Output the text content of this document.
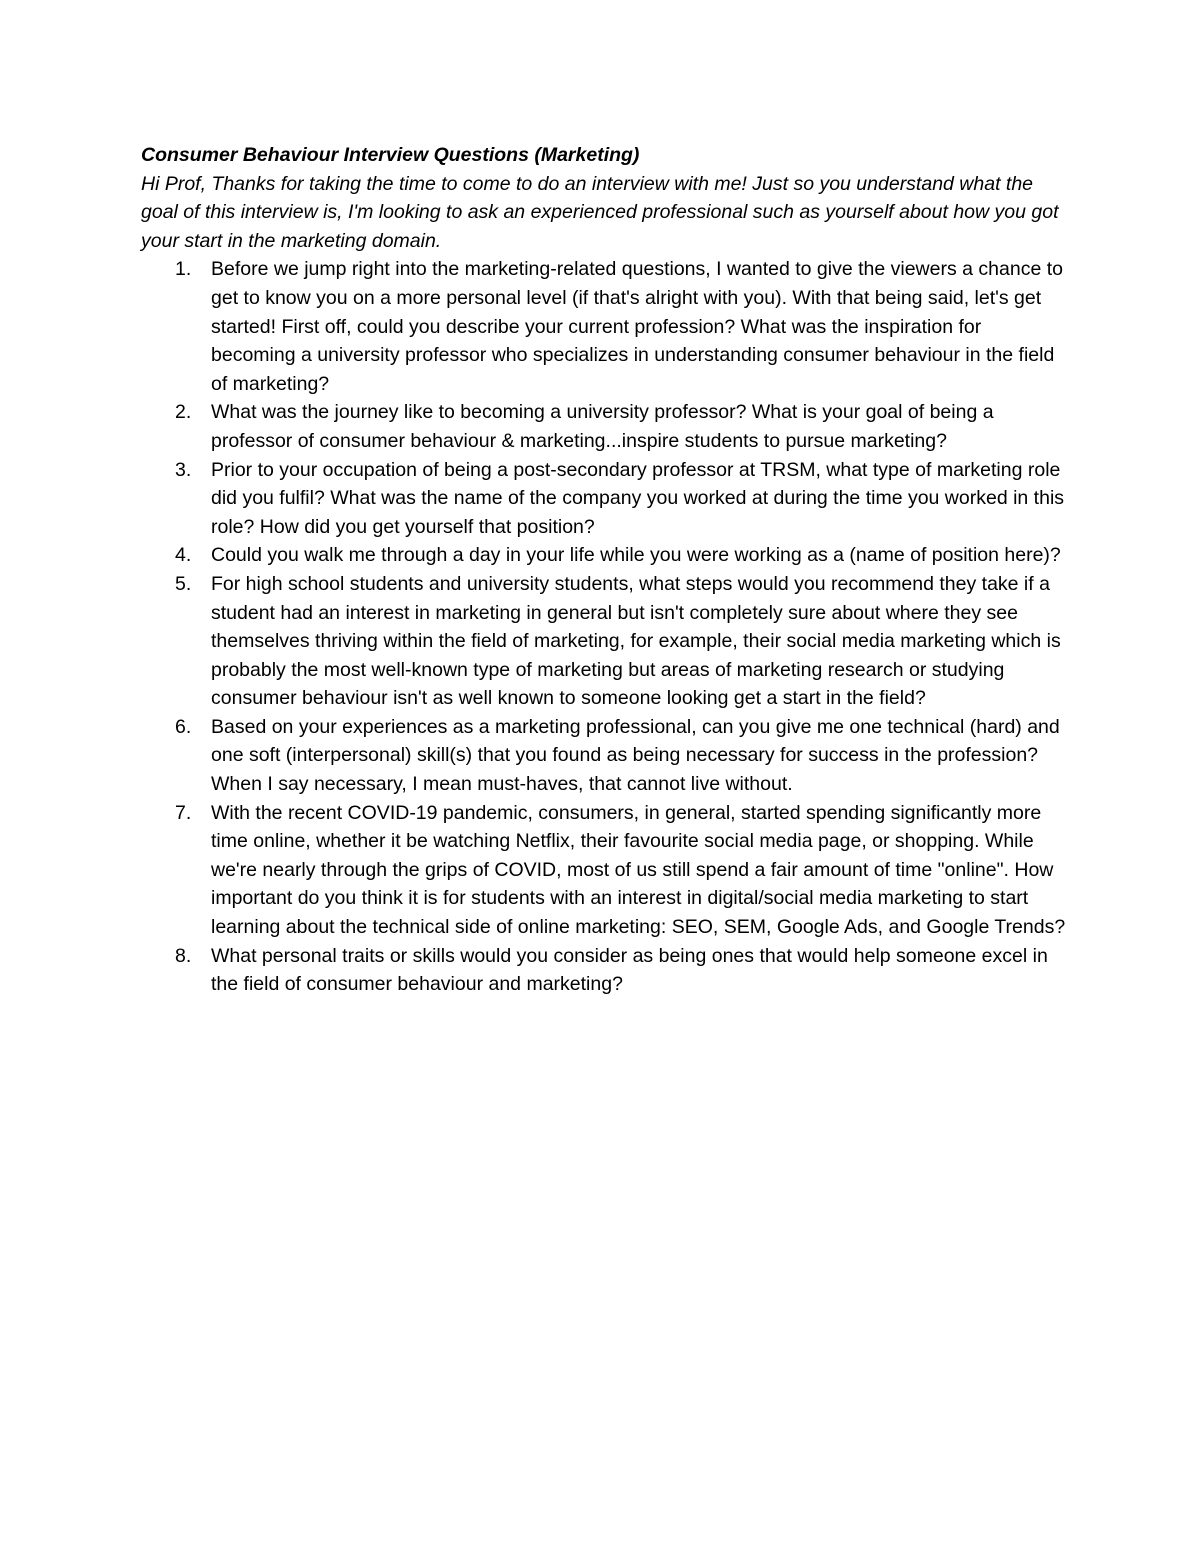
Consumer Behaviour Interview Questions (Marketing)

Hi Prof, Thanks for taking the time to come to do an interview with me! Just so you understand what the goal of this interview is, I'm looking to ask an experienced professional such as yourself about how you got your start in the marketing domain.

1.	Before we jump right into the marketing-related questions, I wanted to give the viewers a chance to get to know you on a more personal level (if that's alright with you). With that being said, let's get started! First off, could you describe your current profession? What was the inspiration for becoming a university professor who specializes in understanding consumer behaviour in the field of marketing?
2.	What was the journey like to becoming a university professor? What is your goal of being a professor of consumer behaviour & marketing...inspire students to pursue marketing?
3.	Prior to your occupation of being a post-secondary professor at TRSM, what type of marketing role did you fulfil? What was the name of the company you worked at during the time you worked in this role? How did you get yourself that position?
4.	Could you walk me through a day in your life while you were working as a (name of position here)?
5.	For high school students and university students, what steps would you recommend they take if a student had an interest in marketing in general but isn't completely sure about where they see themselves thriving within the field of marketing, for example, their social media marketing which is probably the most well-known type of marketing but areas of marketing research or studying consumer behaviour isn't as well known to someone looking get a start in the field?
6.	Based on your experiences as a marketing professional, can you give me one technical (hard) and one soft (interpersonal) skill(s) that you found as being necessary for success in the profession? When I say necessary, I mean must-haves, that cannot live without.
7.	With the recent COVID-19 pandemic, consumers, in general, started spending significantly more time online, whether it be watching Netflix, their favourite social media page, or shopping. While we're nearly through the grips of COVID, most of us still spend a fair amount of time "online". How important do you think it is for students with an interest in digital/social media marketing to start learning about the technical side of online marketing: SEO, SEM, Google Ads, and Google Trends?
8.	What personal traits or skills would you consider as being ones that would help someone excel in the field of consumer behaviour and marketing?
